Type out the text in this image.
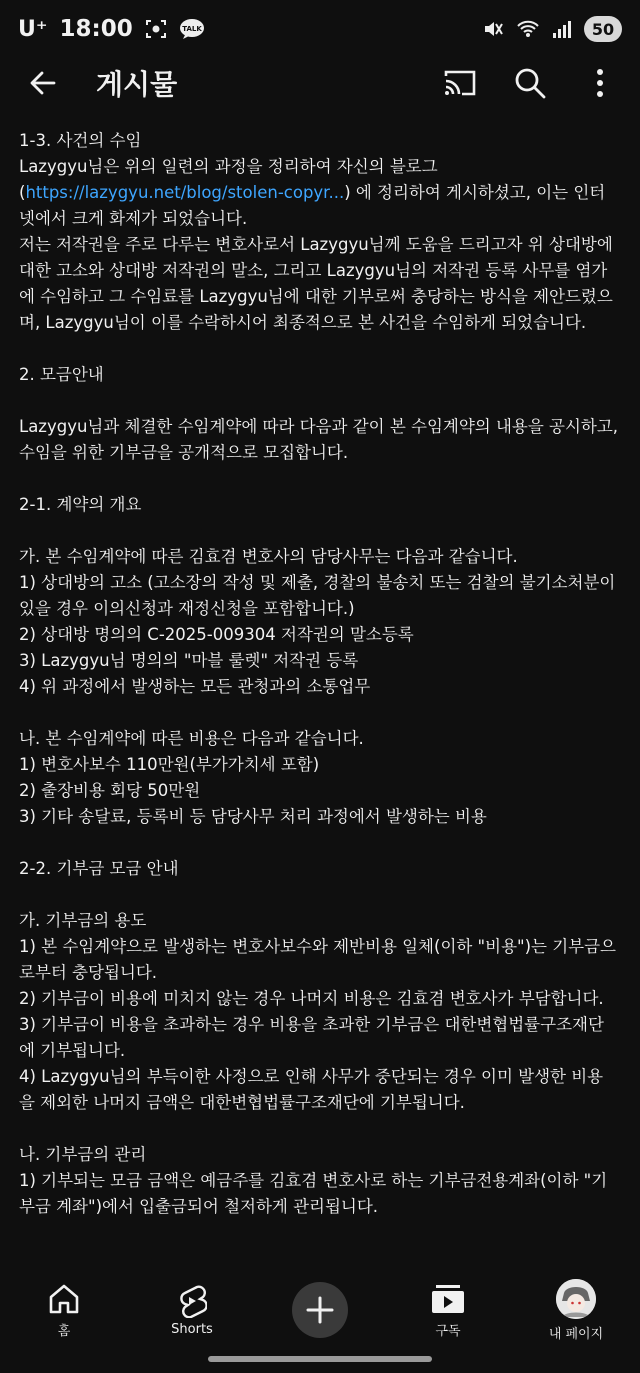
U⁺ 18:00	TALK	50
게시물

1-3. 사건의 수임

Lazygyu님은 위의 일련의 과정을 정리하여 자신의 블로그(https://lazygyu.net/blog/stolen-copyr...) 에 정리하여 게시하셨고, 이는 인터넷에서 크게 화제가 되었습니다.

저는 저작권을 주로 다루는 변호사로서 Lazygyu님께 도움을 드리고자 위 상대방에 대한 고소와 상대방 저작권의 말소, 그리고 Lazygyu님의 저작권 등록 사무를 염가에 수임하고 그 수임료를 Lazygyu님에 대한 기부로써 충당하는 방식을 제안드렸으며, Lazygyu님이 이를 수락하시어 최종적으로 본 사건을 수임하게 되었습니다.

2. 모금안내

Lazygyu님과 체결한 수임계약에 따라 다음과 같이 본 수임계약의 내용을 공시하고, 수임을 위한 기부금을 공개적으로 모집합니다.

2-1. 계약의 개요

가. 본 수임계약에 따른 김효겸 변호사의 담당사무는 다음과 같습니다.

1) 상대방의 고소 (고소장의 작성 및 제출, 경찰의 불송치 또는 검찰의 불기소처분이 있을 경우 이의신청과 재정신청을 포함합니다.)

2) 상대방 명의의 C-2025-009304 저작권의 말소등록

3) Lazygyu님 명의의 "마블 룰렛" 저작권 등록

4) 위 과정에서 발생하는 모든 관청과의 소통업무

나. 본 수임계약에 따른 비용은 다음과 같습니다.

1) 변호사보수 110만원(부가가치세 포함)

2) 출장비용 회당 50만원

3) 기타 송달료, 등록비 등 담당사무 처리 과정에서 발생하는 비용

2-2. 기부금 모금 안내

가. 기부금의 용도

1) 본 수임계약으로 발생하는 변호사보수와 제반비용 일체(이하 "비용")는 기부금으로부터 충당됩니다.

2) 기부금이 비용에 미치지 않는 경우 나머지 비용은 김효겸 변호사가 부담합니다.

3) 기부금이 비용을 초과하는 경우 비용을 초과한 기부금은 대한변협법률구조재단에 기부됩니다.

4) Lazygyu님의 부득이한 사정으로 인해 사무가 중단되는 경우 이미 발생한 비용을 제외한 나머지 금액은 대한변협법률구조재단에 기부됩니다.

나. 기부금의 관리

1) 기부되는 모금 금액은 예금주를 김효겸 변호사로 하는 기부금전용계좌(이하 "기부금 계좌")에서 입출금되어 철저하게 관리됩니다.

홈	Shorts	구독	내 페이지
